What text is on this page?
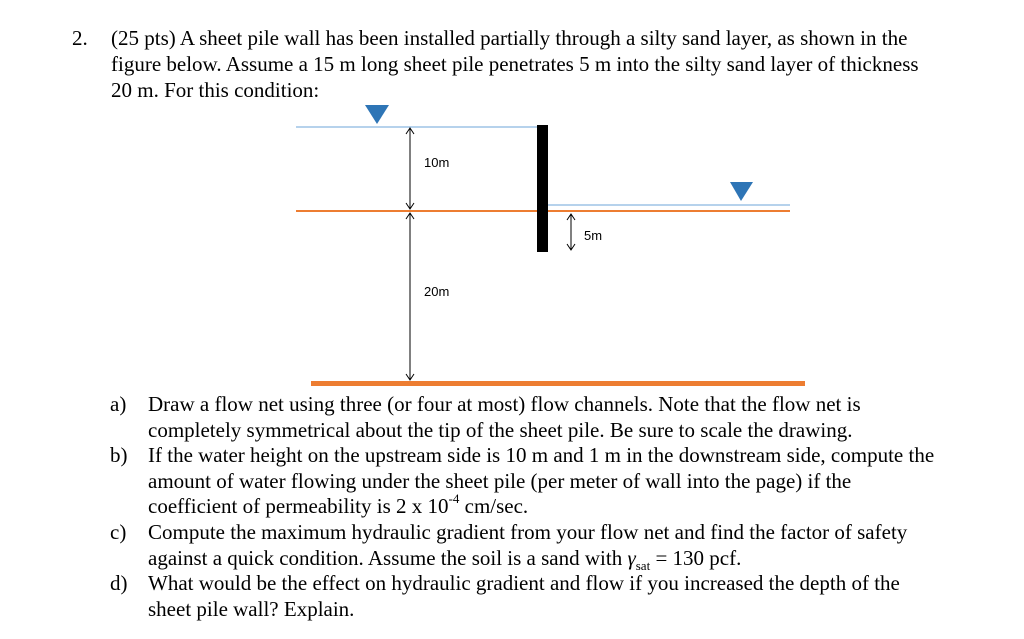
2. (25 pts) A sheet pile wall has been installed partially through a silty sand layer, as shown in the
figure below. Assume a 15 m long sheet pile penetrates 5 m into the silty sand layer of thickness
20 m. For this condition:
10m
20m
5m
a) Draw a flow net using three (or four at most) flow channels. Note that the flow net is
completely symmetrical about the tip of the sheet pile. Be sure to scale the drawing.
b) If the water height on the upstream side is 10 m and 1 m in the downstream side, compute the
amount of water flowing under the sheet pile (per meter of wall into the page) if the
coefficient of permeability is 2 x $10^{-4}$ cm/sec.
c) Compute the maximum hydraulic gradient from your flow net and find the factor of safety
against a quick condition. Assume the soil is a sand with $\gamma_{sat} = 130$ pcf.
d) What would be the effect on hydraulic gradient and flow if you increased the depth of the
sheet pile wall? Explain.
